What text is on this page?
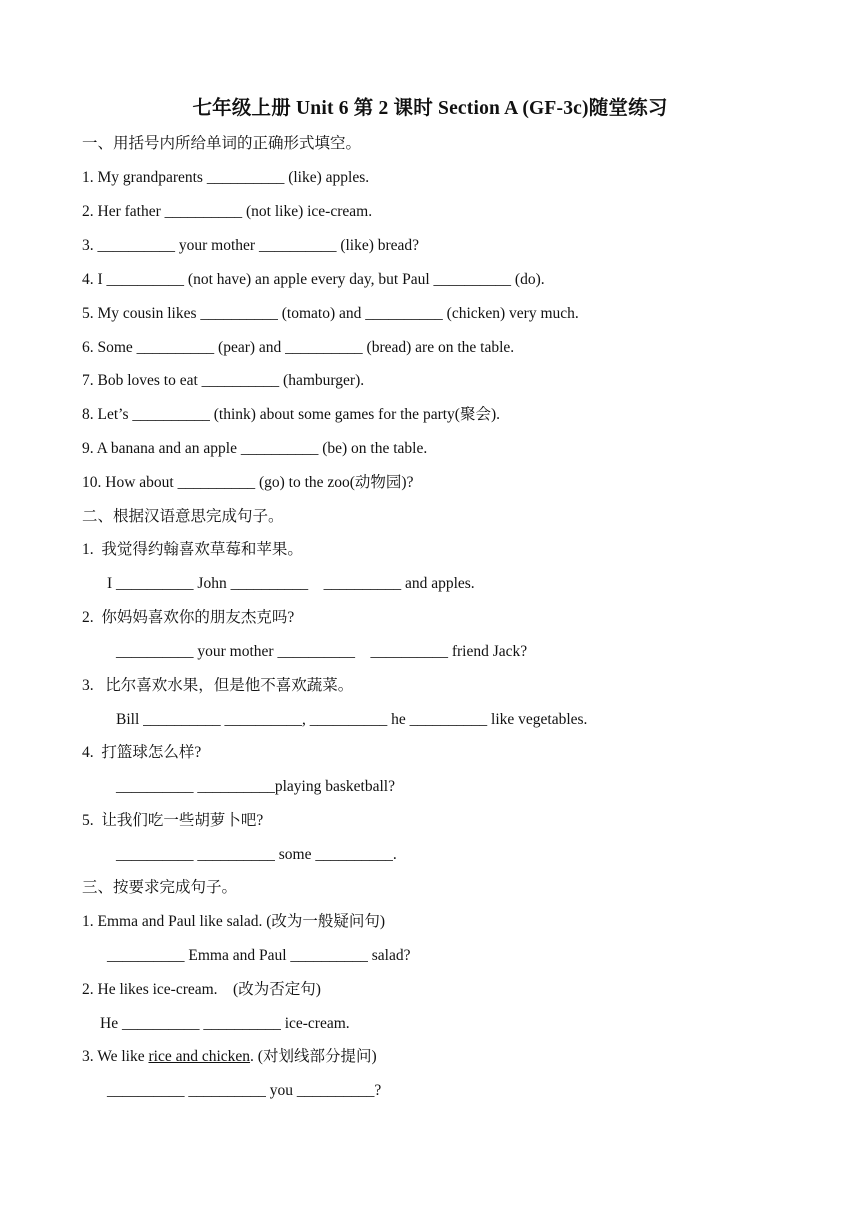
七年级上册 Unit 6 第 2 课时 Section A (GF-3c)随堂练习
一、用括号内所给单词的正确形式填空。
1. My grandparents __________ (like) apples.
2. Her father __________ (not like) ice-cream.
3. __________ your mother __________ (like) bread?
4. I __________ (not have) an apple every day, but Paul __________ (do).
5. My cousin likes __________ (tomato) and __________ (chicken) very much.
6. Some __________ (pear) and __________ (bread) are on the table.
7. Bob loves to eat __________ (hamburger).
8. Let’s __________ (think) about some games for the party(聚会).
9. A banana and an apple __________ (be) on the table.
10. How about __________ (go) to the zoo(动物园)?
二、根据汉语意思完成句子。
1.  我觉得约翰喜欢草莓和苹果。
I __________ John __________    __________ and apples.
2.  你妈妈喜欢你的朋友杰克吗?
__________ your mother __________    __________ friend Jack?
3.   比尔喜欢水果，但是他不喜欢蔬菜。
Bill __________ __________, __________ he __________ like vegetables.
4.  打篮球怎么样?
__________ __________playing basketball?
5.  让我们吃一些胡萝卜吧?
__________ __________ some __________.
三、按要求完成句子。
1. Emma and Paul like salad. (改为一般疑问句)
__________ Emma and Paul __________ salad?
2. He likes ice-cream.    (改为否定句)
He __________ __________ ice-cream.
3. We like rice and chicken. (对划线部分提问)
__________ __________ you __________?
